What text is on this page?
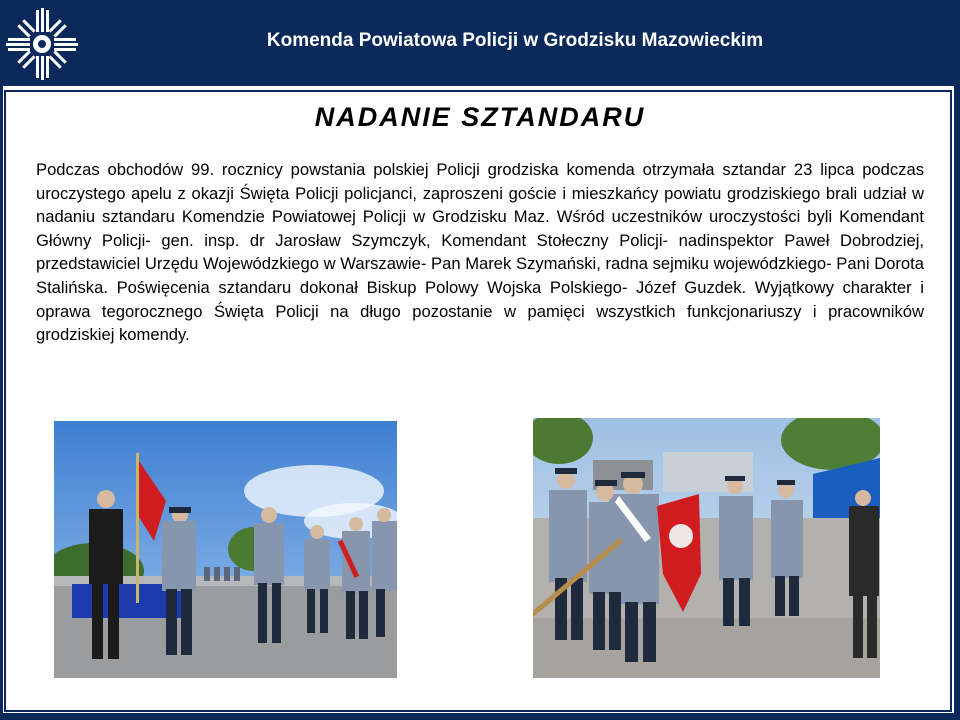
Komenda Powiatowa Policji w Grodzisku Mazowieckim
NADANIE SZTANDARU

Podczas obchodów 99. rocznicy powstania polskiej Policji grodziska komenda otrzymała sztandar 23 lipca podczas uroczystego apelu z okazji Święta Policji policjanci, zaproszeni goście i mieszkańcy powiatu grodziskiego brali udział w nadaniu sztandaru Komendzie Powiatowej Policji w Grodzisku Maz. Wśród uczestników uroczystości byli Komendant Główny Policji- gen. insp. dr Jarosław Szymczyk, Komendant Stołeczny Policji- nadinspektor Paweł Dobrodziej, przedstawiciel Urzędu Wojewódzkiego w Warszawie- Pan Marek Szymański, radna sejmiku wojewódzkiego- Pani Dorota Stalińska. Poświęcenia sztandaru dokonał Biskup Polowy Wojska Polskiego- Józef Guzdek. Wyjątkowy charakter i oprawa tegorocznego Święta Policji na długo pozostanie w pamięci wszystkich funkcjonariuszy i pracowników grodziskiej komendy.
